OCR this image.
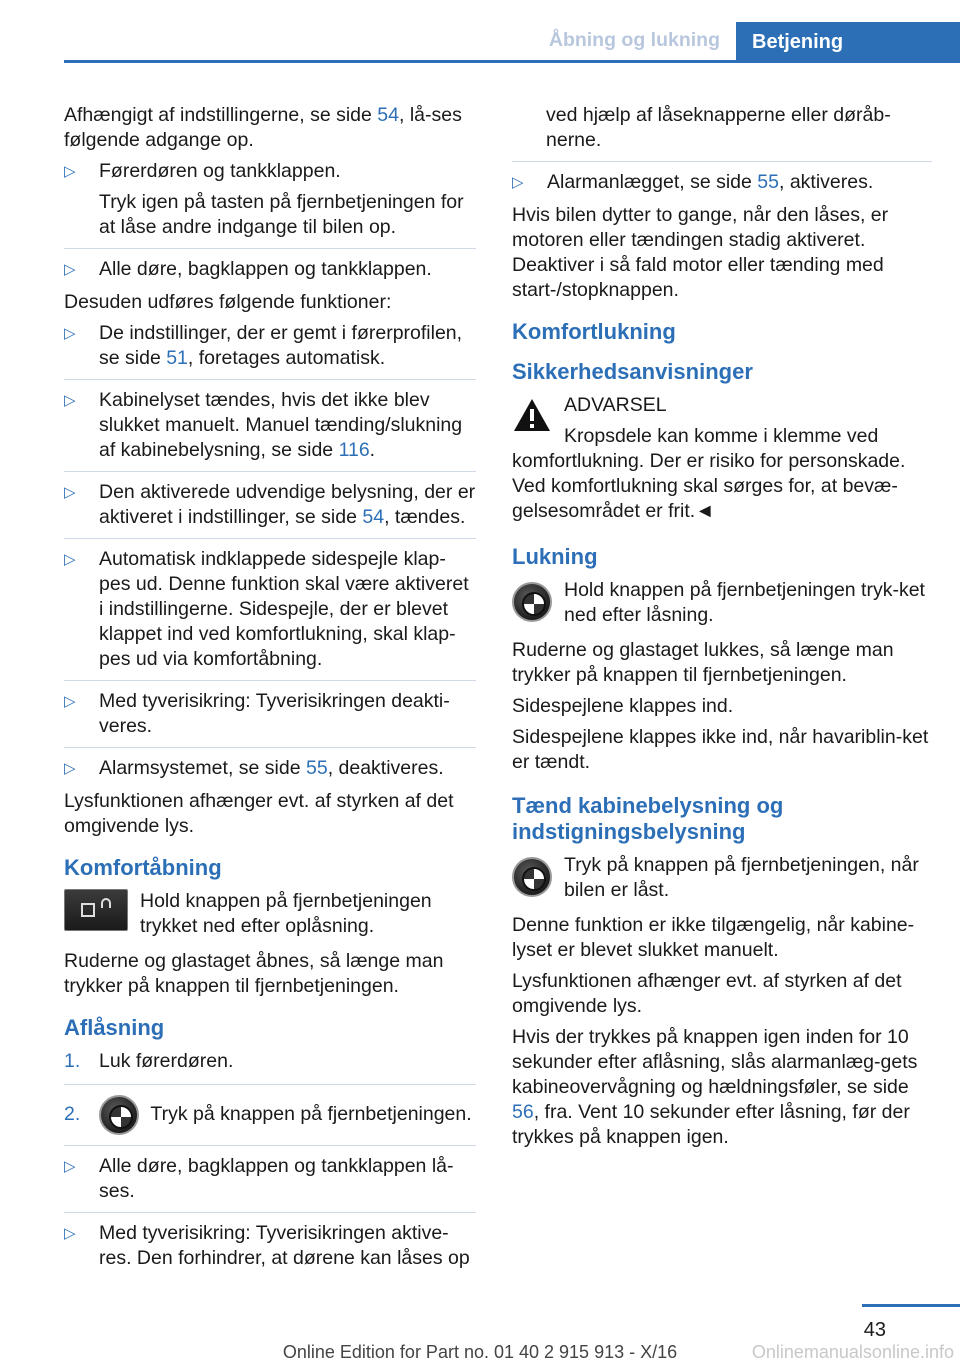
Åbning og lukning	Betjening

Afhængigt af indstillingerne, se side 54, lå-ses følgende adgange op.

▷ Førerdøren og tankklappen.
Tryk igen på tasten på fjernbetjeningen for at låse andre indgange til bilen op.
▷ Alle døre, bagklappen og tankklappen.

Desuden udføres følgende funktioner:

▷ De indstillinger, der er gemt i førerprofilen, se side 51, foretages automatisk.
▷ Kabinelyset tændes, hvis det ikke blev slukket manuelt. Manuel tænding/slukning af kabinebelysning, se side 116.
▷ Den aktiverede udvendige belysning, der er aktiveret i indstillinger, se side 54, tændes.
▷ Automatisk indklappede sidespejle klap-pes ud. Denne funktion skal være aktiveret i indstillingerne. Sidespejle, der er blevet klappet ind ved komfortlukning, skal klap-pes ud via komfortåbning.
▷ Med tyverisikring: Tyverisikringen deakti-veres.
▷ Alarmsystemet, se side 55, deaktiveres.

Lysfunktionen afhænger evt. af styrken af det omgivende lys.

Komfortåbning
Hold knappen på fjernbetjeningen trykket ned efter oplåsning.

Ruderne og glastaget åbnes, så længe man trykker på knappen til fjernbetjeningen.

Aflåsning
1. Luk førerdøren.
2.	Tryk på knappen på fjernbetjeningen.
▷ Alle døre, bagklappen og tankklappen lå-ses.
▷ Med tyverisikring: Tyverisikringen aktive-res. Den forhindrer, at dørene kan låses op
ved hjælp af låseknapperne eller døråb-nerne.
▷ Alarmanlægget, se side 55, aktiveres.

Hvis bilen dytter to gange, når den låses, er motoren eller tændingen stadig aktiveret. Deaktiver i så fald motor eller tænding med start-/stopknappen.

Komfortlukning
Sikkerhedsanvisninger
ADVARSEL
Kropsdele kan komme i klemme ved komfortlukning. Der er risiko for personskade. Ved komfortlukning skal sørges for, at bevæ-gelsesområdet er frit.◄
Lukning
Hold knappen på fjernbetjeningen tryk-ket ned efter låsning.

Ruderne og glastaget lukkes, så længe man trykker på knappen til fjernbetjeningen.

Sidespejlene klappes ind.

Sidespejlene klappes ikke ind, når havariblin-ket er tændt.

Tænd kabinebelysning og indstigningsbelysning
Tryk på knappen på fjernbetjeningen, når bilen er låst.

Denne funktion er ikke tilgængelig, når kabine-lyset er blevet slukket manuelt.

Lysfunktionen afhænger evt. af styrken af det omgivende lys.

Hvis der trykkes på knappen igen inden for 10 sekunder efter aflåsning, slås alarmanlæg-gets kabineovervågning og hældningsføler, se side 56, fra. Vent 10 sekunder efter låsning, før der trykkes på knappen igen.

43
Online Edition for Part no. 01 40 2 915 913 - X/16	Onlinemanualsonline.info
